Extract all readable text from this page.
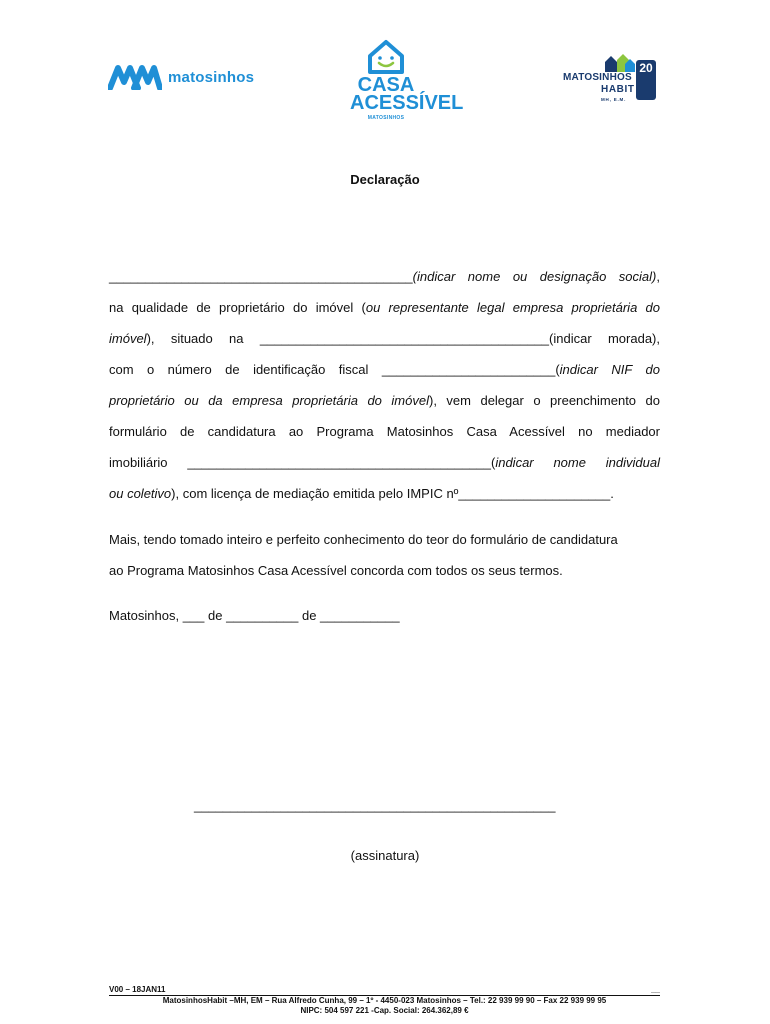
matosinhos	CASA
ACESSÍVEL
MATOSINHOS
MATOSINHOS
HABIT
MH, E.M.
20
Declaração
__________________________________________(indicar nome ou designação social),
na qualidade de proprietário do imóvel (ou representante legal empresa proprietária do
imóvel), situado na ________________________________________(indicar morada),
com o número de identificação fiscal ________________________(indicar NIF do
proprietário ou da empresa proprietária do imóvel), vem delegar o preenchimento do
formulário de candidatura ao Programa Matosinhos Casa Acessível no mediador
imobiliário __________________________________________(indicar nome individual
ou coletivo), com licença de mediação emitida pelo IMPIC nº_____________________.
Mais, tendo tomado inteiro e perfeito conhecimento do teor do formulário de candidatura
ao Programa Matosinhos Casa Acessível concorda com todos os seus termos.
Matosinhos, ___ de __________ de ___________
__________________________________________________
(assinatura)
V00 – 18JAN11	__
MatosinhosHabit –MH, EM – Rua Alfredo Cunha, 99 – 1º - 4450-023 Matosinhos – Tel.: 22 939 99 90 – Fax 22 939 99 95
NIPC: 504 597 221 -Cap. Social: 264.362,89 €
